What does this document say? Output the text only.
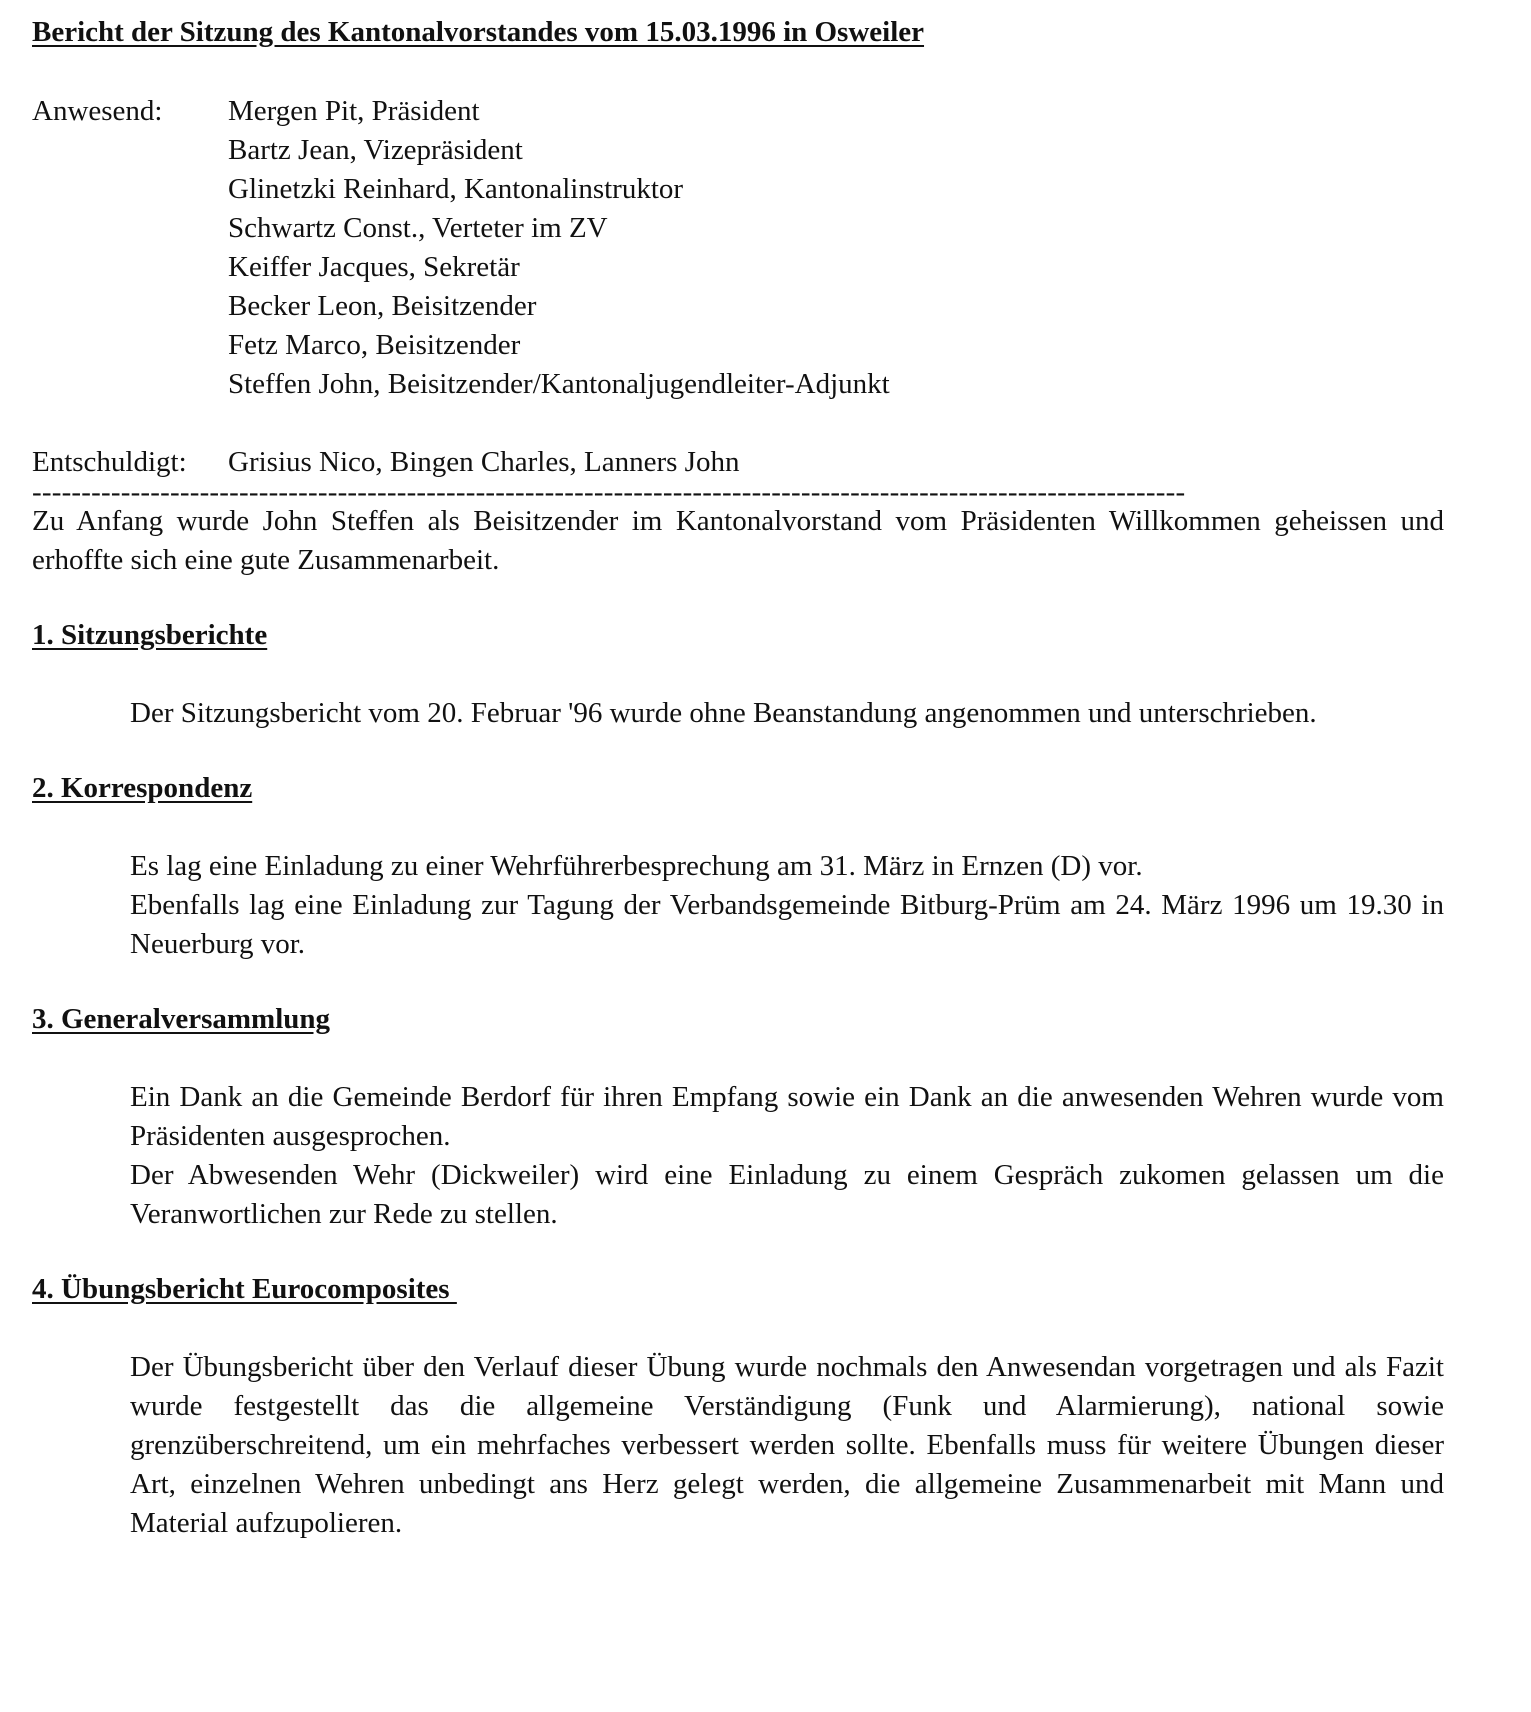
Bericht der Sitzung des Kantonalvorstandes vom 15.03.1996 in Osweiler
Anwesend:	Mergen Pit, Präsident
Bartz Jean, Vizepräsident
Glinetzki Reinhard, Kantonalinstruktor
Schwartz Const., Verteter im ZV
Keiffer Jacques, Sekretär
Becker Leon, Beisitzender
Fetz Marco, Beisitzender
Steffen John, Beisitzender/Kantonaljugendleiter-Adjunkt
Entschuldigt:	Grisius Nico, Bingen Charles, Lanners John
---------------------------------------------------------------------------------------------------------------------

Zu Anfang wurde John Steffen als Beisitzender im Kantonalvorstand vom Präsidenten Willkommen geheissen und erhoffte sich eine gute Zusammenarbeit.

1. Sitzungsberichte

Der Sitzungsbericht vom 20. Februar '96 wurde ohne Beanstandung angenommen und unterschrieben.

2. Korrespondenz

Es lag eine Einladung zu einer Wehrführerbesprechung am 31. März in Ernzen (D) vor.

Ebenfalls lag eine Einladung zur Tagung der Verbandsgemeinde Bitburg-Prüm am 24. März 1996 um 19.30 in Neuerburg vor.

3. Generalversammlung

Ein Dank an die Gemeinde Berdorf für ihren Empfang sowie ein Dank an die anwesenden Wehren wurde vom Präsidenten ausgesprochen.

Der Abwesenden Wehr (Dickweiler) wird eine Einladung zu einem Gespräch zukomen gelassen um die Veranwortlichen zur Rede zu stellen.

4. Übungsbericht Eurocomposites

Der Übungsbericht über den Verlauf dieser Übung wurde nochmals den Anwesendan vorgetragen und als Fazit wurde festgestellt das die allgemeine Verständigung (Funk und Alarmierung), national sowie grenzüberschreitend, um ein mehrfaches verbessert werden sollte. Ebenfalls muss für weitere Übungen dieser Art, einzelnen Wehren unbedingt ans Herz gelegt werden, die allgemeine Zusammenarbeit mit Mann und Material aufzupolieren.
